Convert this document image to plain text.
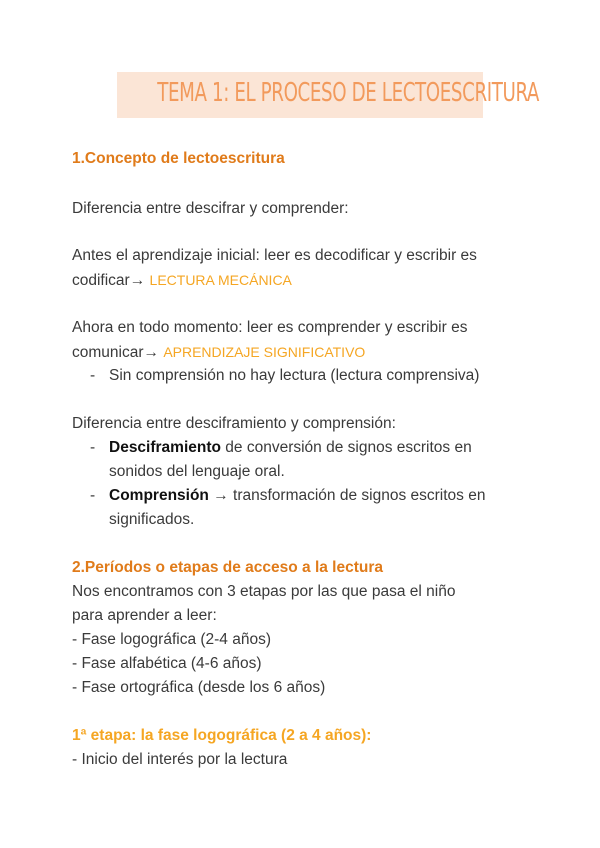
TEMA 1: EL PROCESO DE LECTOESCRITURA
1.Concepto de lectoescritura
Diferencia entre descifrar y comprender:
Antes el aprendizaje inicial: leer es decodificar y escribir es
codificar→ LECTURA MECÁNICA
Ahora en todo momento: leer es comprender y escribir es
comunicar→ APRENDIZAJE SIGNIFICATIVO
- Sin comprensión no hay lectura (lectura comprensiva)
Diferencia entre desciframiento y comprensión:
- Desciframiento de conversión de signos escritos en
sonidos del lenguaje oral.
- Comprensión → transformación de signos escritos en
significados.
2.Períodos o etapas de acceso a la lectura
Nos encontramos con 3 etapas por las que pasa el niño
para aprender a leer:
- Fase logográfica (2-4 años)
- Fase alfabética (4-6 años)
- Fase ortográfica (desde los 6 años)
1ª etapa: la fase logográfica (2 a 4 años):
- Inicio del interés por la lectura
